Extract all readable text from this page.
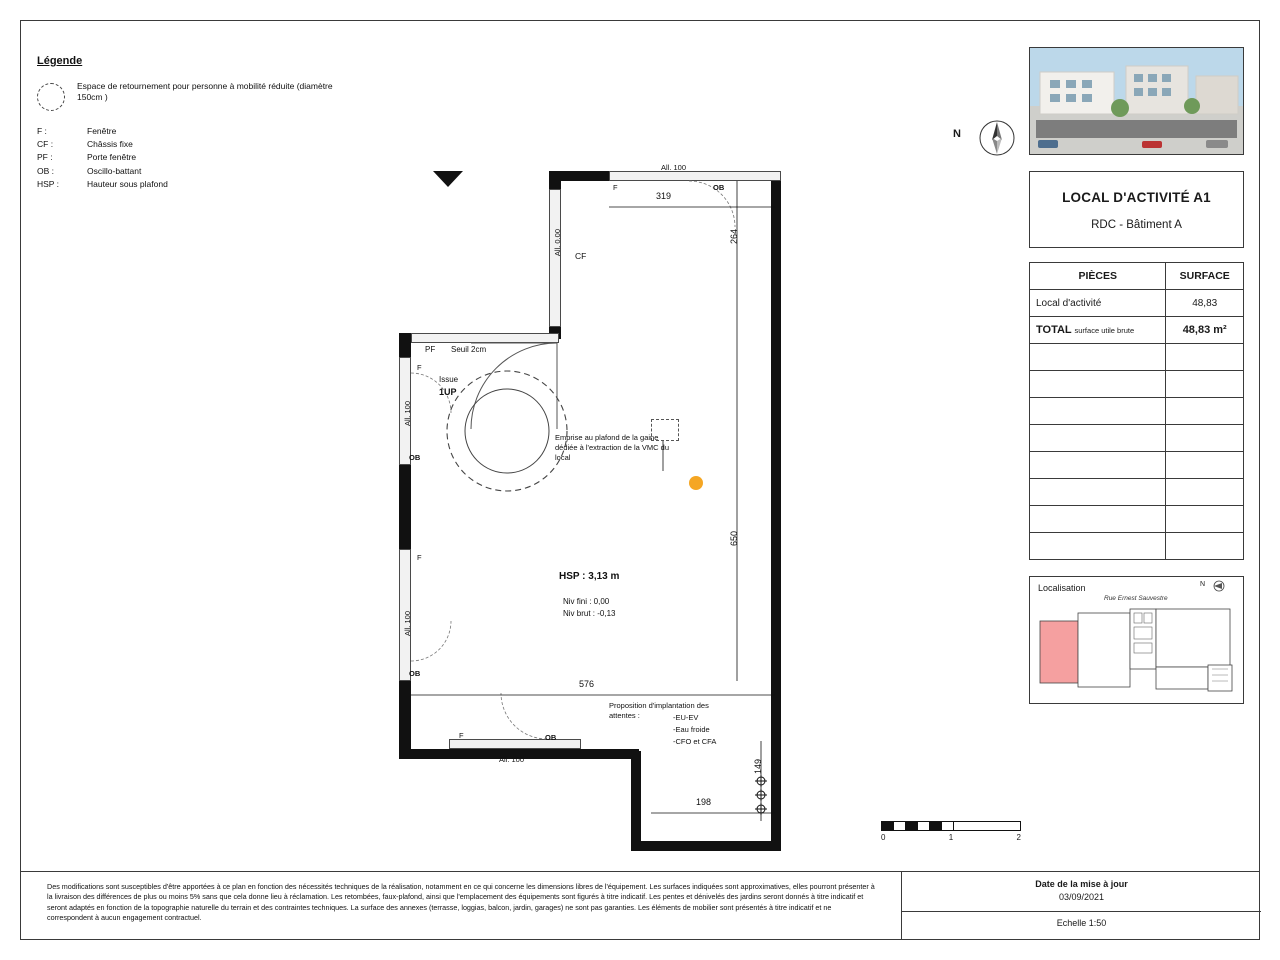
Légende
Espace de retournement pour personne à mobilité réduite (diamètre 150cm )
F :	Fenêtre
CF :	Châssis fixe
PF :	Porte fenêtre
OB :	Oscillo-battant
HSP :	Hauteur sous plafond
N
319
264
650
576
198
149
All. 100
OB
F
All. 0.00 CF
PF Seuil 2cm
Issue
1UP
F
All. 100
OB
F
All. 100
OB
F	OB
All. 100
Emprise au plafond de la gaine dédiée à l'extraction de la VMC du local
HSP : 3,13 m
Niv fini : 0,00
Niv brut : -0,13
Proposition d'implantation des attentes :	-EU-EV
-Eau froide
-CFO et CFA
0	1	2
LOCAL D'ACTIVITÉ A1
RDC - Bâtiment A
PIÈCES	SURFACE
Local d'activité	48,83
TOTAL surface utile brute	48,83 m²

Localisation
Rue Ernest Sauvestre
N
Des modifications sont susceptibles d'être apportées à ce plan en fonction des nécessités techniques de la réalisation, notamment en ce qui concerne les dimensions libres de l'équipement. Les surfaces indiquées sont approximatives, elles pourront présenter à la livraison des différences de plus ou moins 5% sans que cela donne lieu à réclamation. Les retombées, faux-plafond, ainsi que l'emplacement des équipements sont figurés à titre indicatif. Les pentes et dénivelés des jardins seront donnés à titre indicatif et seront adaptés en fonction de la topographie naturelle du terrain et des contraintes techniques. La surface des annexes (terrasse, loggias, balcon, jardin, garages) ne sont pas garanties. Les éléments de mobilier sont présentés à titre indicatif et ne correspondent à aucun engagement contractuel.
Date de la mise à jour
03/09/2021
Echelle 1:50
